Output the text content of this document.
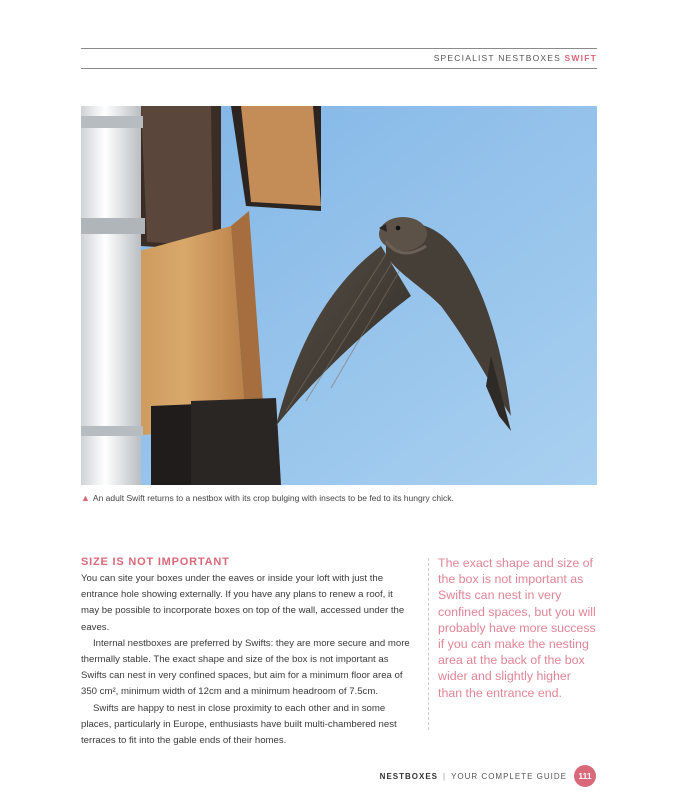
SPECIALIST NESTBOXES SWIFT
▲ An adult Swift returns to a nestbox with its crop bulging with insects to be fed to its hungry chick.
SIZE IS NOT IMPORTANT

You can site your boxes under the eaves or inside your loft with just the entrance hole showing externally. If you have any plans to renew a roof, it may be possible to incorporate boxes on top of the wall, accessed under the eaves.

Internal nestboxes are preferred by Swifts: they are more secure and more thermally stable. The exact shape and size of the box is not important as Swifts can nest in very confined spaces, but aim for a minimum floor area of 350 cm², minimum width of 12cm and a minimum headroom of 7.5cm.

Swifts are happy to nest in close proximity to each other and in some places, particularly in Europe, enthusiasts have built multi-chambered nest terraces to fit into the gable ends of their homes.

The exact shape and size of the box is not important as Swifts can nest in very confined spaces, but you will probably have more success if you can make the nesting area at the back of the box wider and slightly higher than the entrance end.
NESTBOXES | YOUR COMPLETE GUIDE	111
